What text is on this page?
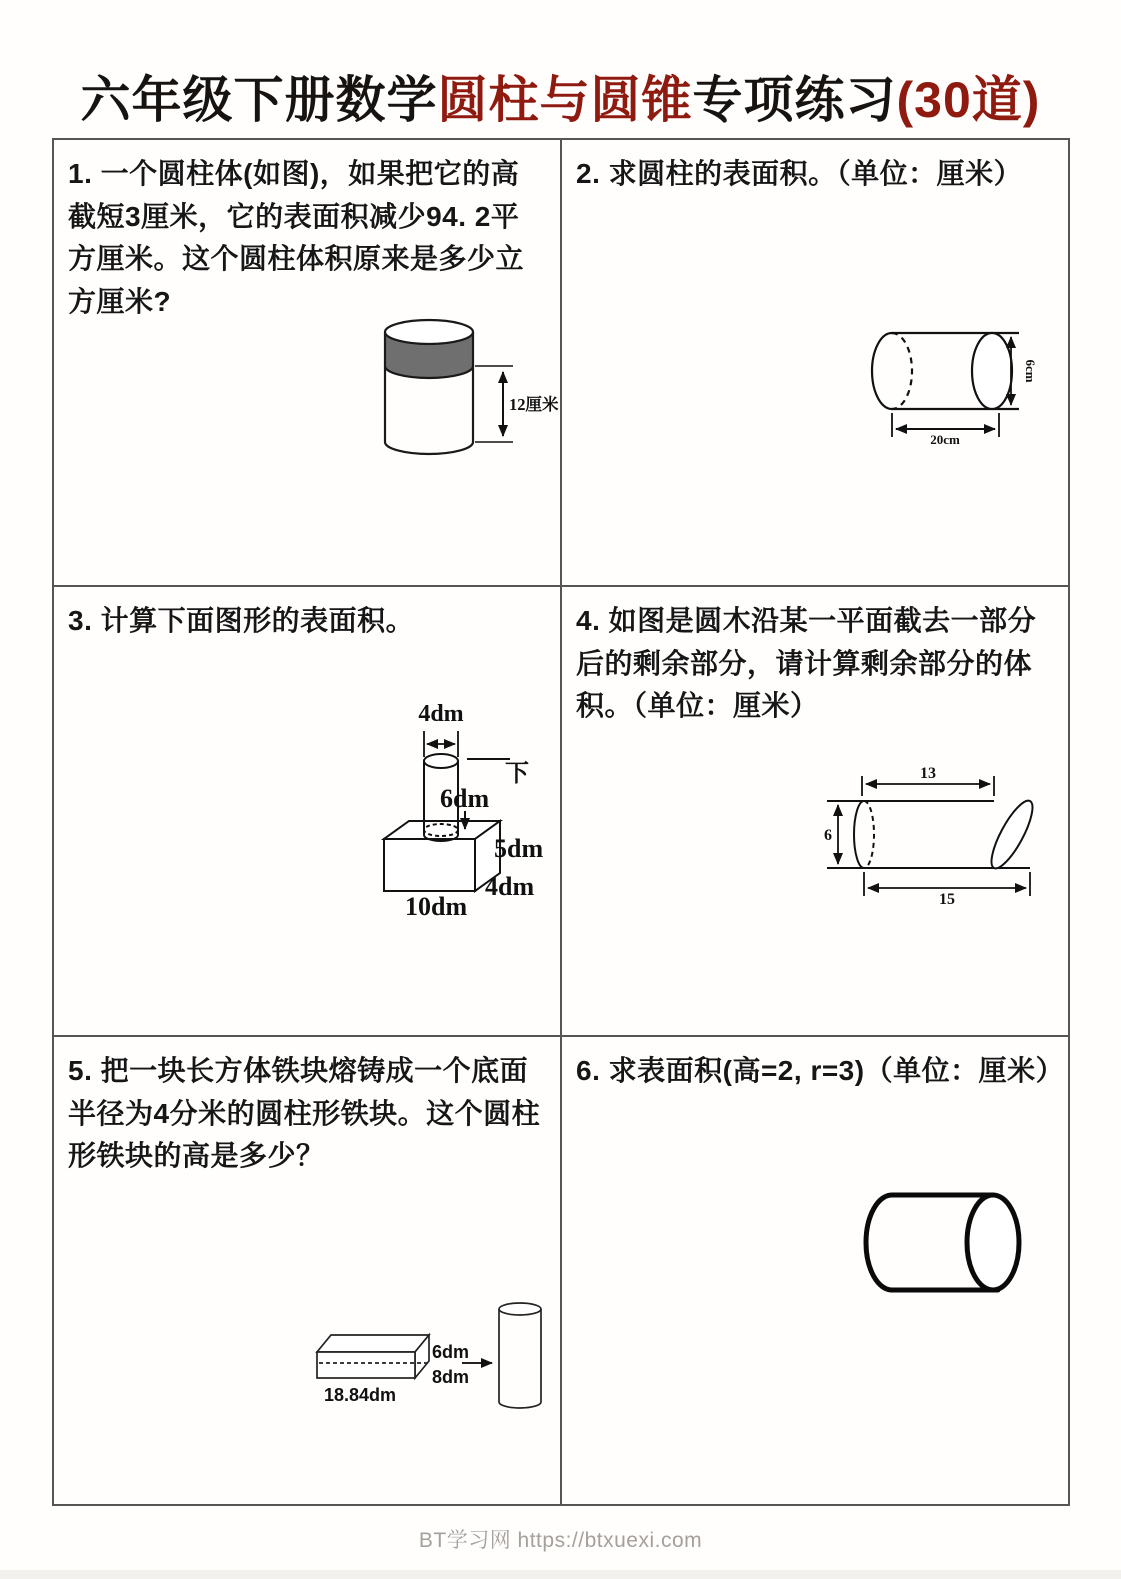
六年级下册数学圆柱与圆锥专项练习(30道)
1. 一个圆柱体(如图)，如果把它的高截短3厘米，它的表面积减少94. 2平方厘米。这个圆柱体积原来是多少立方厘米?
12厘米
2. 求圆柱的表面积。（单位：厘米）
6cm
20cm
3. 计算下面图形的表面积。
4dm
下
6dm
5dm
4dm
10dm
4. 如图是圆木沿某一平面截去一部分后的剩余部分，请计算剩余部分的体积。（单位：厘米）
13
6
15
5. 把一块长方体铁块熔铸成一个底面半径为4分米的圆柱形铁块。这个圆柱形铁块的高是多少？
6dm
8dm
18.84dm
6. 求表面积(高=2, r=3)（单位：厘米）
BT学习网 https://btxuexi.com
